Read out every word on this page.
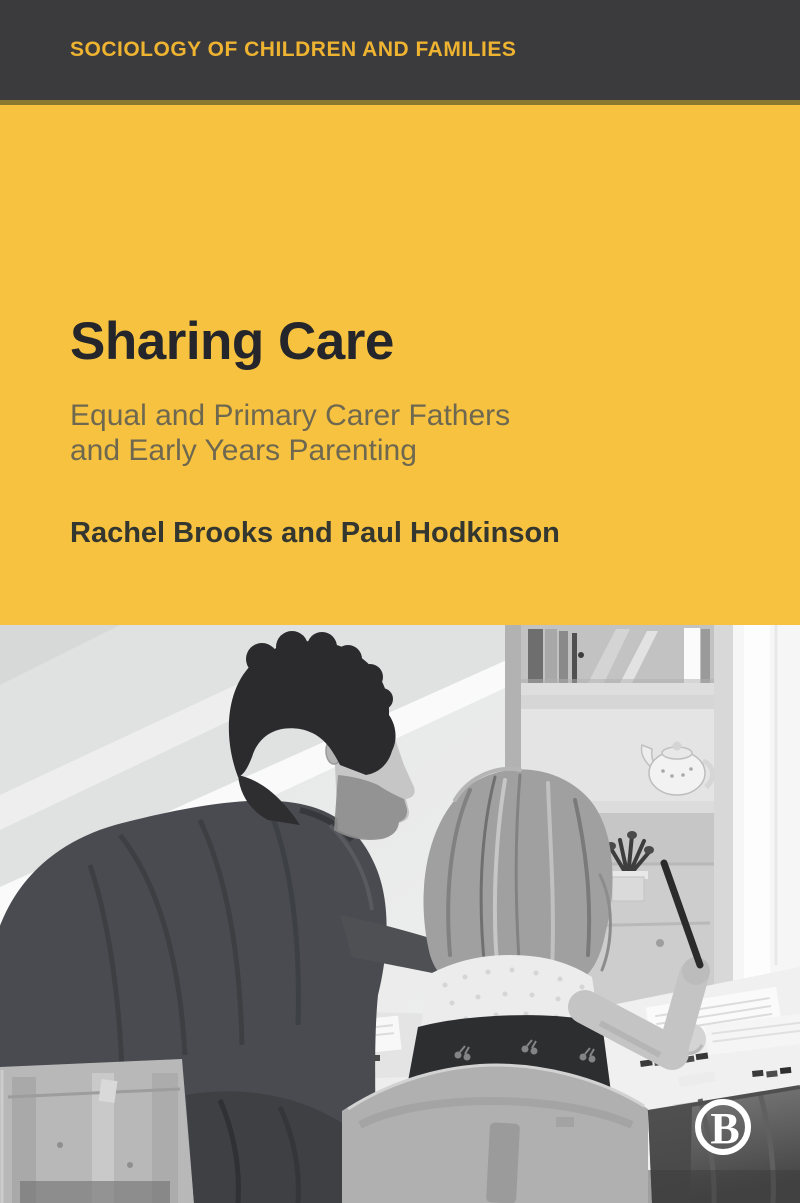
SOCIOLOGY OF CHILDREN AND FAMILIES
Sharing Care
Equal and Primary Carer Fathers
and Early Years Parenting
Rachel Brooks and Paul Hodkinson
B
